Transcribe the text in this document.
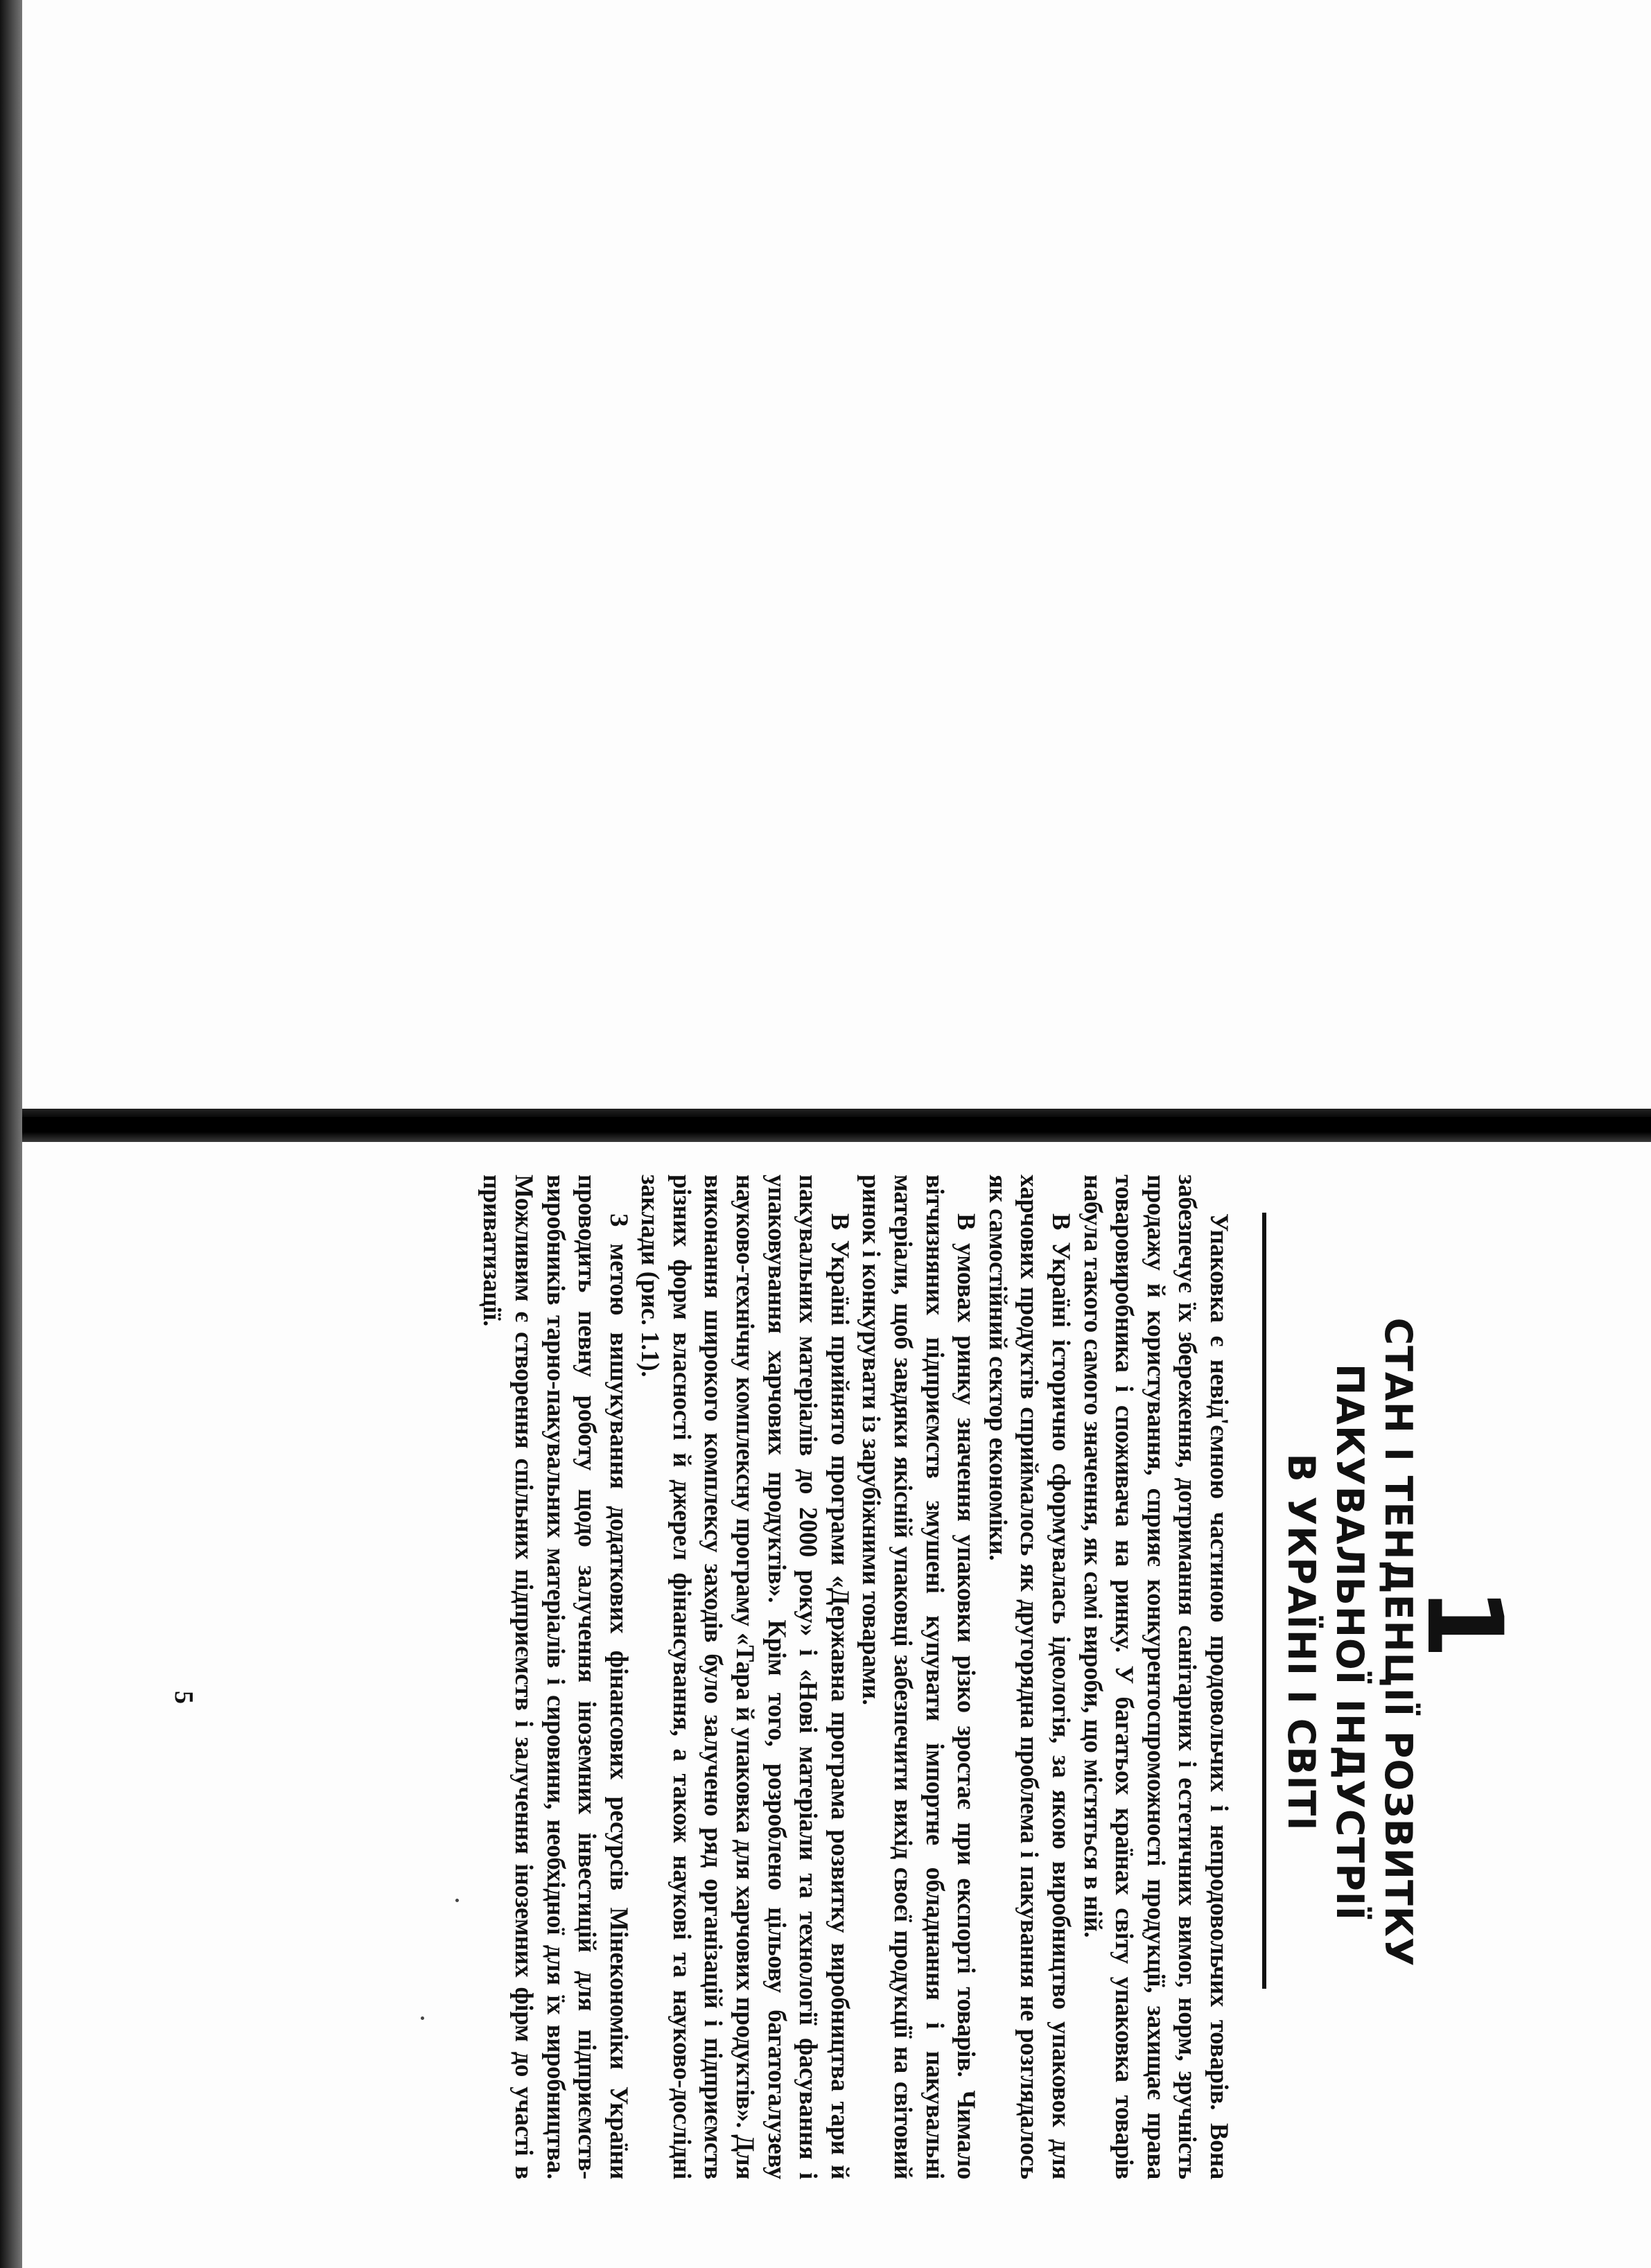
1
СТАН І ТЕНДЕНЦІЇ РОЗВИТКУ
ПАКУВАЛЬНОЇ ІНДУСТРІЇ
В УКРАЇНІ І СВІТІ

Упаковка є невід'ємною частиною продовольчих і непродовольчих товарів. Вона забезпечує їх збереження, дотримання санітарних і естетичних вимог, норм, зручність продажу й користування, сприяє конкурентоспроможності продукції, захищає права товаровиробника і споживача на ринку. У багатьох країнах світу упаковка товарів набула такого самого значення, як самі вироби, що містяться в ній.

В Україні історично сформувалась ідеологія, за якою виробництво упаковок для харчових продуктів сприймалось як другорядна проблема і пакування не розглядалось як самостійний сектор економіки.

В умовах ринку значення упаковки різко зростає при експорті товарів. Чимало вітчизняних підприємств змушені купувати імпортне обладнання і пакувальні матеріали, щоб завдяки якісній упаковці забезпечити вихід своєї продукції на світовий ринок і конкурувати із зарубіжними товарами.

В Україні прийнято програми «Державна програма розвитку виробництва тари й пакувальних матеріалів до 2000 року» і «Нові матеріали та технології фасування і упаковування харчових продуктів». Крім того, розроблено цільову багатогалузеву науково-технічну комплексну програму «Тара й упаковка для харчових продуктів». Для виконання широкого комплексу заходів було залучено ряд організацій і підприємств різних форм власності й джерел фінансування, а також наукові та науково-дослідні заклади (рис. 1.1).

З метою вишукування додаткових фінансових ресурсів Мінекономіки України проводить певну роботу щодо залучення іноземних інвестицій для підприємств-виробників тарно-пакувальних матеріалів і сировини, необхідної для їх виробництва. Можливим є створення спільних підприємств і залучення іноземних фірм до участі в приватизації.

5
